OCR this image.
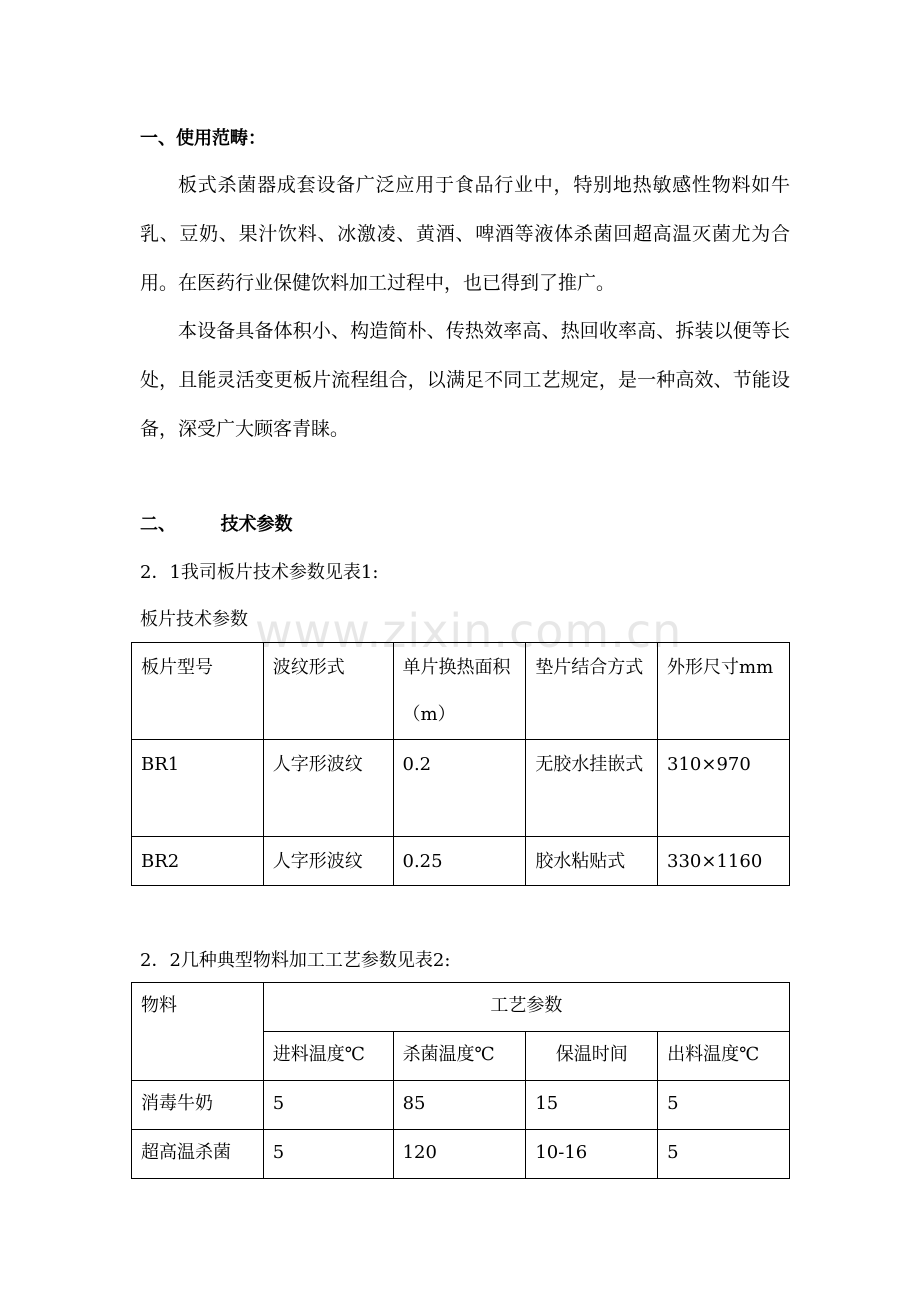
一、使用范畴：

板式杀菌器成套设备广泛应用于食品行业中，特别地热敏感性物料如牛乳、豆奶、果汁饮料、冰激凌、黄酒、啤酒等液体杀菌回超高温灭菌尤为合用。在医药行业保健饮料加工过程中，也已得到了推广。

本设备具备体积小、构造简朴、传热效率高、热回收率高、拆装以便等长处，且能灵活变更板片流程组合，以满足不同工艺规定，是一种高效、节能设备，深受广大顾客青睐。

二、 技术参数
2．1我司板片技术参数见表1:
板片技术参数 www.zixin.com.cn
板片型号	波纹形式	单片换热面积（m）	垫片结合方式	外形尺寸mm
BR1	人字形波纹	0.2	无胶水挂嵌式	310×970
BR2	人字形波纹	0.25	胶水粘贴式	330×1160
2．2几种典型物料加工工艺参数见表2:
物料	工艺参数			
	进料温度℃	杀菌温度℃	保温时间	出料温度℃
消毒牛奶	5	85	15	5
超高温杀菌	5	120	10-16	5
